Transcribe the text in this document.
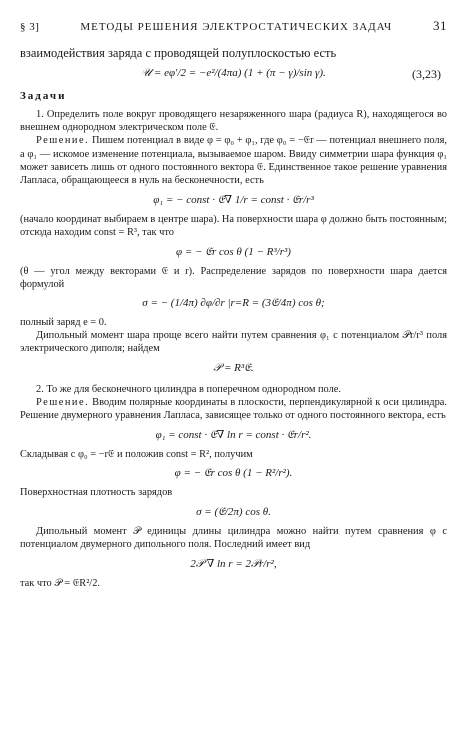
§ 3]	МЕТОДЫ РЕШЕНИЯ ЭЛЕКТРОСТАТИЧЕСКИХ ЗАДАЧ	31

взаимодействия заряда с проводящей полуплоскостью есть

𝒰 = eφ′/2 = −e²/(4πa) (1 + (π − γ)/sin γ).	(3,23)
Задачи

1. Определить поле вокруг проводящего незаряженного шара (радиуса R), находящегося во внешнем однородном электрическом поле 𝔈.

Решение. Пишем потенциал в виде φ = φ₀ + φ₁, где φ₀ = −𝔈r — потенциал внешнего поля, а φ₁ — искомое изменение потенциала, вызываемое шаром. Ввиду симметрии шара функция φ₁ может зависеть лишь от одного постоянного вектора 𝔈. Единственное такое решение уравнения Лапласа, обращающееся в нуль на бесконечности, есть

φ₁ = − const · 𝔈∇ 1/r = const · 𝔈r/r³

(начало координат выбираем в центре шара). На поверхности шара φ должно быть постоянным; отсюда находим const = R³, так что

φ = − 𝔈r cos θ (1 − R³/r³)

(θ — угол между векторами 𝔈 и r). Распределение зарядов по поверхности шара дается формулой

σ = − (1/4π) ∂φ/∂r |r=R = (3𝔈/4π) cos θ;

полный заряд e = 0.

Дипольный момент шара проще всего найти путем сравнения φ₁ с потенциалом 𝒫r/r³ поля электрического диполя; найдем

𝒫 = R³𝔈.

2. То же для бесконечного цилиндра в поперечном однородном поле.

Решение. Вводим полярные координаты в плоскости, перпендикулярной к оси цилиндра. Решение двумерного уравнения Лапласа, зависящее только от одного постоянного вектора, есть

φ₁ = const · 𝔈∇ ln r = const · 𝔈r/r².

Складывая с φ₀ = −r𝔈 и положив const = R², получим

φ = − 𝔈r cos θ (1 − R²/r²).

Поверхностная плотность зарядов

σ = (𝔈/2π) cos θ.

Дипольный момент 𝒫 единицы длины цилиндра можно найти путем сравнения φ с потенциалом двумерного дипольного поля. Последний имеет вид

2𝒫 ∇ ln r = 2𝒫r/r²,

так что 𝒫 = 𝔈R²/2.
